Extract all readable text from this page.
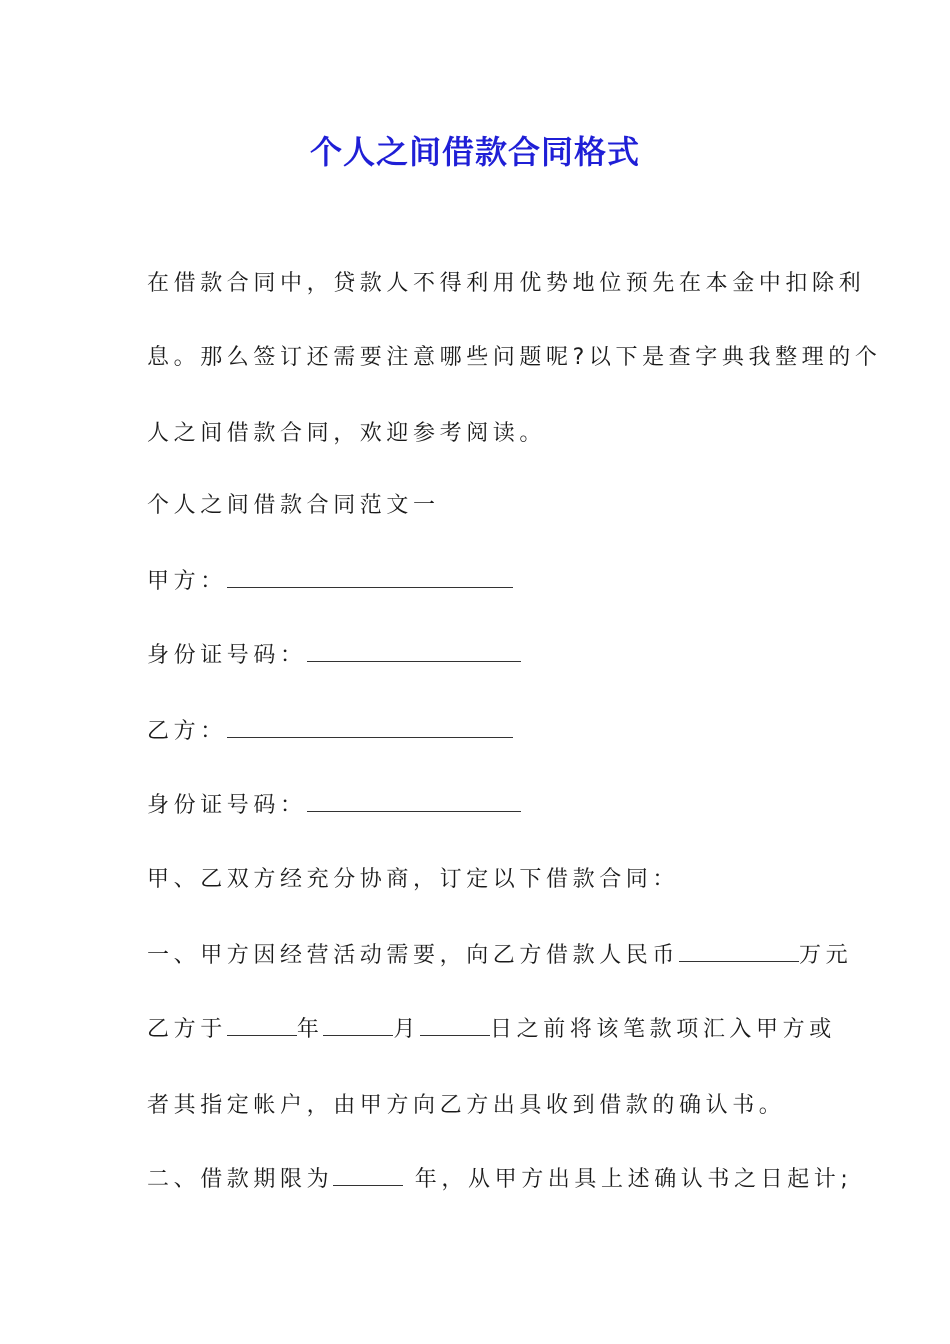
个人之间借款合同格式
在借款合同中，贷款人不得利用优势地位预先在本金中扣除利
息。那么签订还需要注意哪些问题呢?以下是查字典我整理的个
人之间借款合同，欢迎参考阅读。
个人之间借款合同范文一
甲方：
身份证号码：
乙方：
身份证号码：
甲、乙双方经充分协商，订定以下借款合同：
一、甲方因经营活动需要，向乙方借款人民币	万元
乙方于	年	月	日之前将该笔款项汇入甲方或
者其指定帐户，由甲方向乙方出具收到借款的确认书。
二、借款期限为	年，从甲方出具上述确认书之日起计;
